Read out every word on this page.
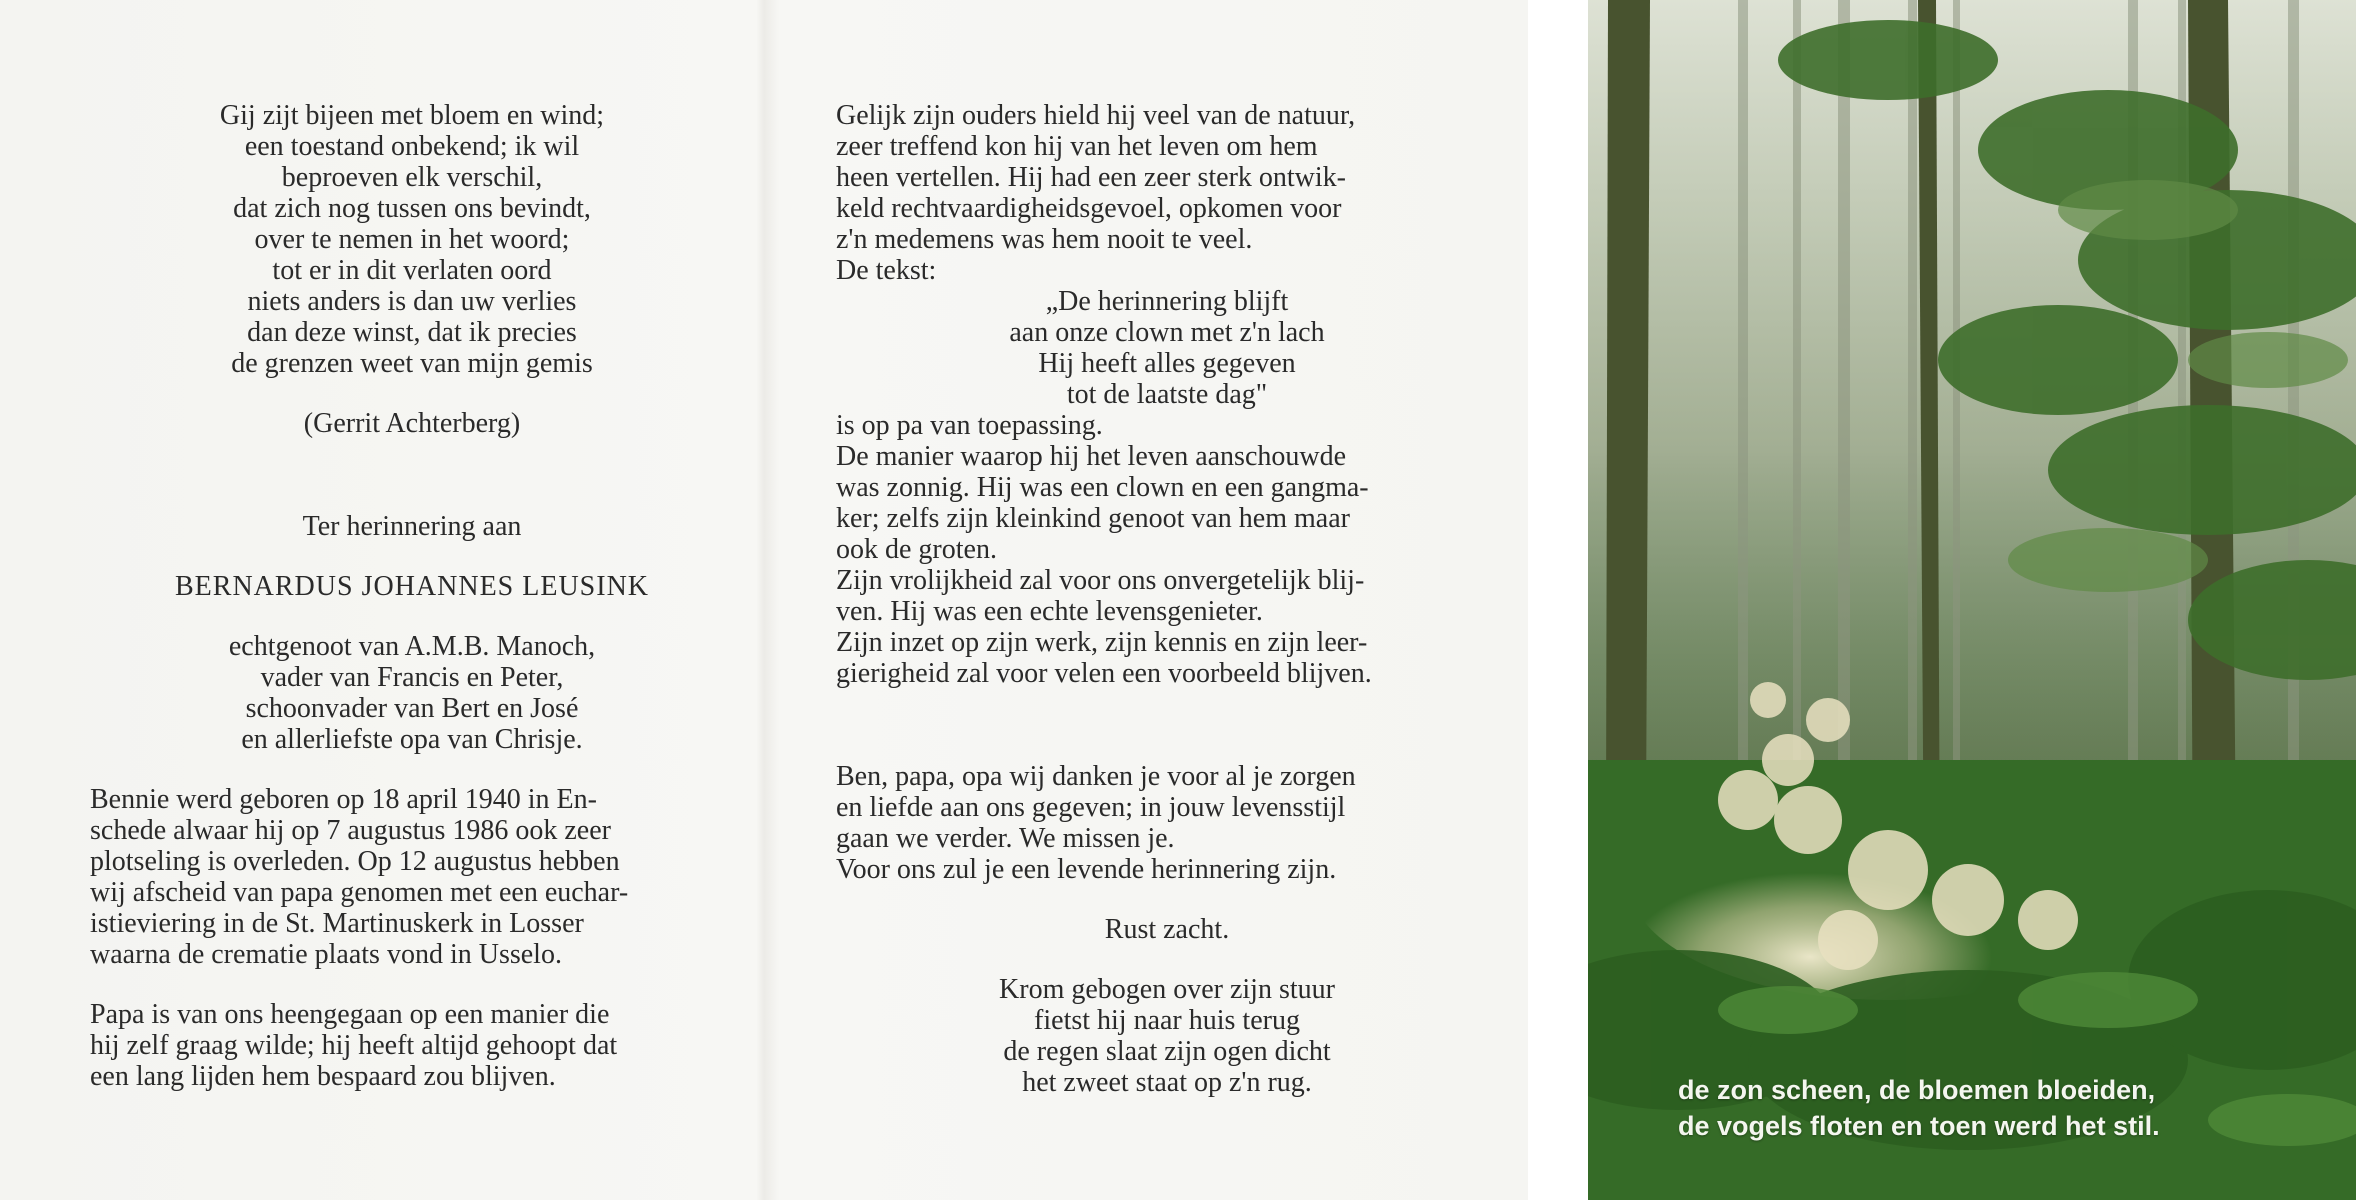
Gij zijt bijeen met bloem en wind;
een toestand onbekend; ik wil
beproeven elk verschil,
dat zich nog tussen ons bevindt,
over te nemen in het woord;
tot er in dit verlaten oord
niets anders is dan uw verlies
dan deze winst, dat ik precies
de grenzen weet van mijn gemis
(Gerrit Achterberg)
Ter herinnering aan
BERNARDUS JOHANNES LEUSINK
echtgenoot van A.M.B. Manoch,
vader van Francis en Peter,
schoonvader van Bert en José
en allerliefste opa van Chrisje.
Bennie werd geboren op 18 april 1940 in En-
schede alwaar hij op 7 augustus 1986 ook zeer
plotseling is overleden. Op 12 augustus hebben
wij afscheid van papa genomen met een euchar-
istieviering in de St. Martinuskerk in Losser
waarna de crematie plaats vond in Usselo.
Papa is van ons heengegaan op een manier die
hij zelf graag wilde; hij heeft altijd gehoopt dat
een lang lijden hem bespaard zou blijven.
Gelijk zijn ouders hield hij veel van de natuur,
zeer treffend kon hij van het leven om hem
heen vertellen. Hij had een zeer sterk ontwik-
keld rechtvaardigheidsgevoel, opkomen voor
z'n medemens was hem nooit te veel.
De tekst:
„De herinnering blijft
aan onze clown met z'n lach
Hij heeft alles gegeven
tot de laatste dag"
is op pa van toepassing.
De manier waarop hij het leven aanschouwde
was zonnig. Hij was een clown en een gangma-
ker; zelfs zijn kleinkind genoot van hem maar
ook de groten.
Zijn vrolijkheid zal voor ons onvergetelijk blij-
ven. Hij was een echte levensgenieter.
Zijn inzet op zijn werk, zijn kennis en zijn leer-
gierigheid zal voor velen een voorbeeld blijven.
Ben, papa, opa wij danken je voor al je zorgen
en liefde aan ons gegeven; in jouw levensstijl
gaan we verder. We missen je.
Voor ons zul je een levende herinnering zijn.
Rust zacht.
Krom gebogen over zijn stuur
fietst hij naar huis terug
de regen slaat zijn ogen dicht
het zweet staat op z'n rug.	de zon scheen, de bloemen bloeiden,
de vogels floten en toen werd het stil.
